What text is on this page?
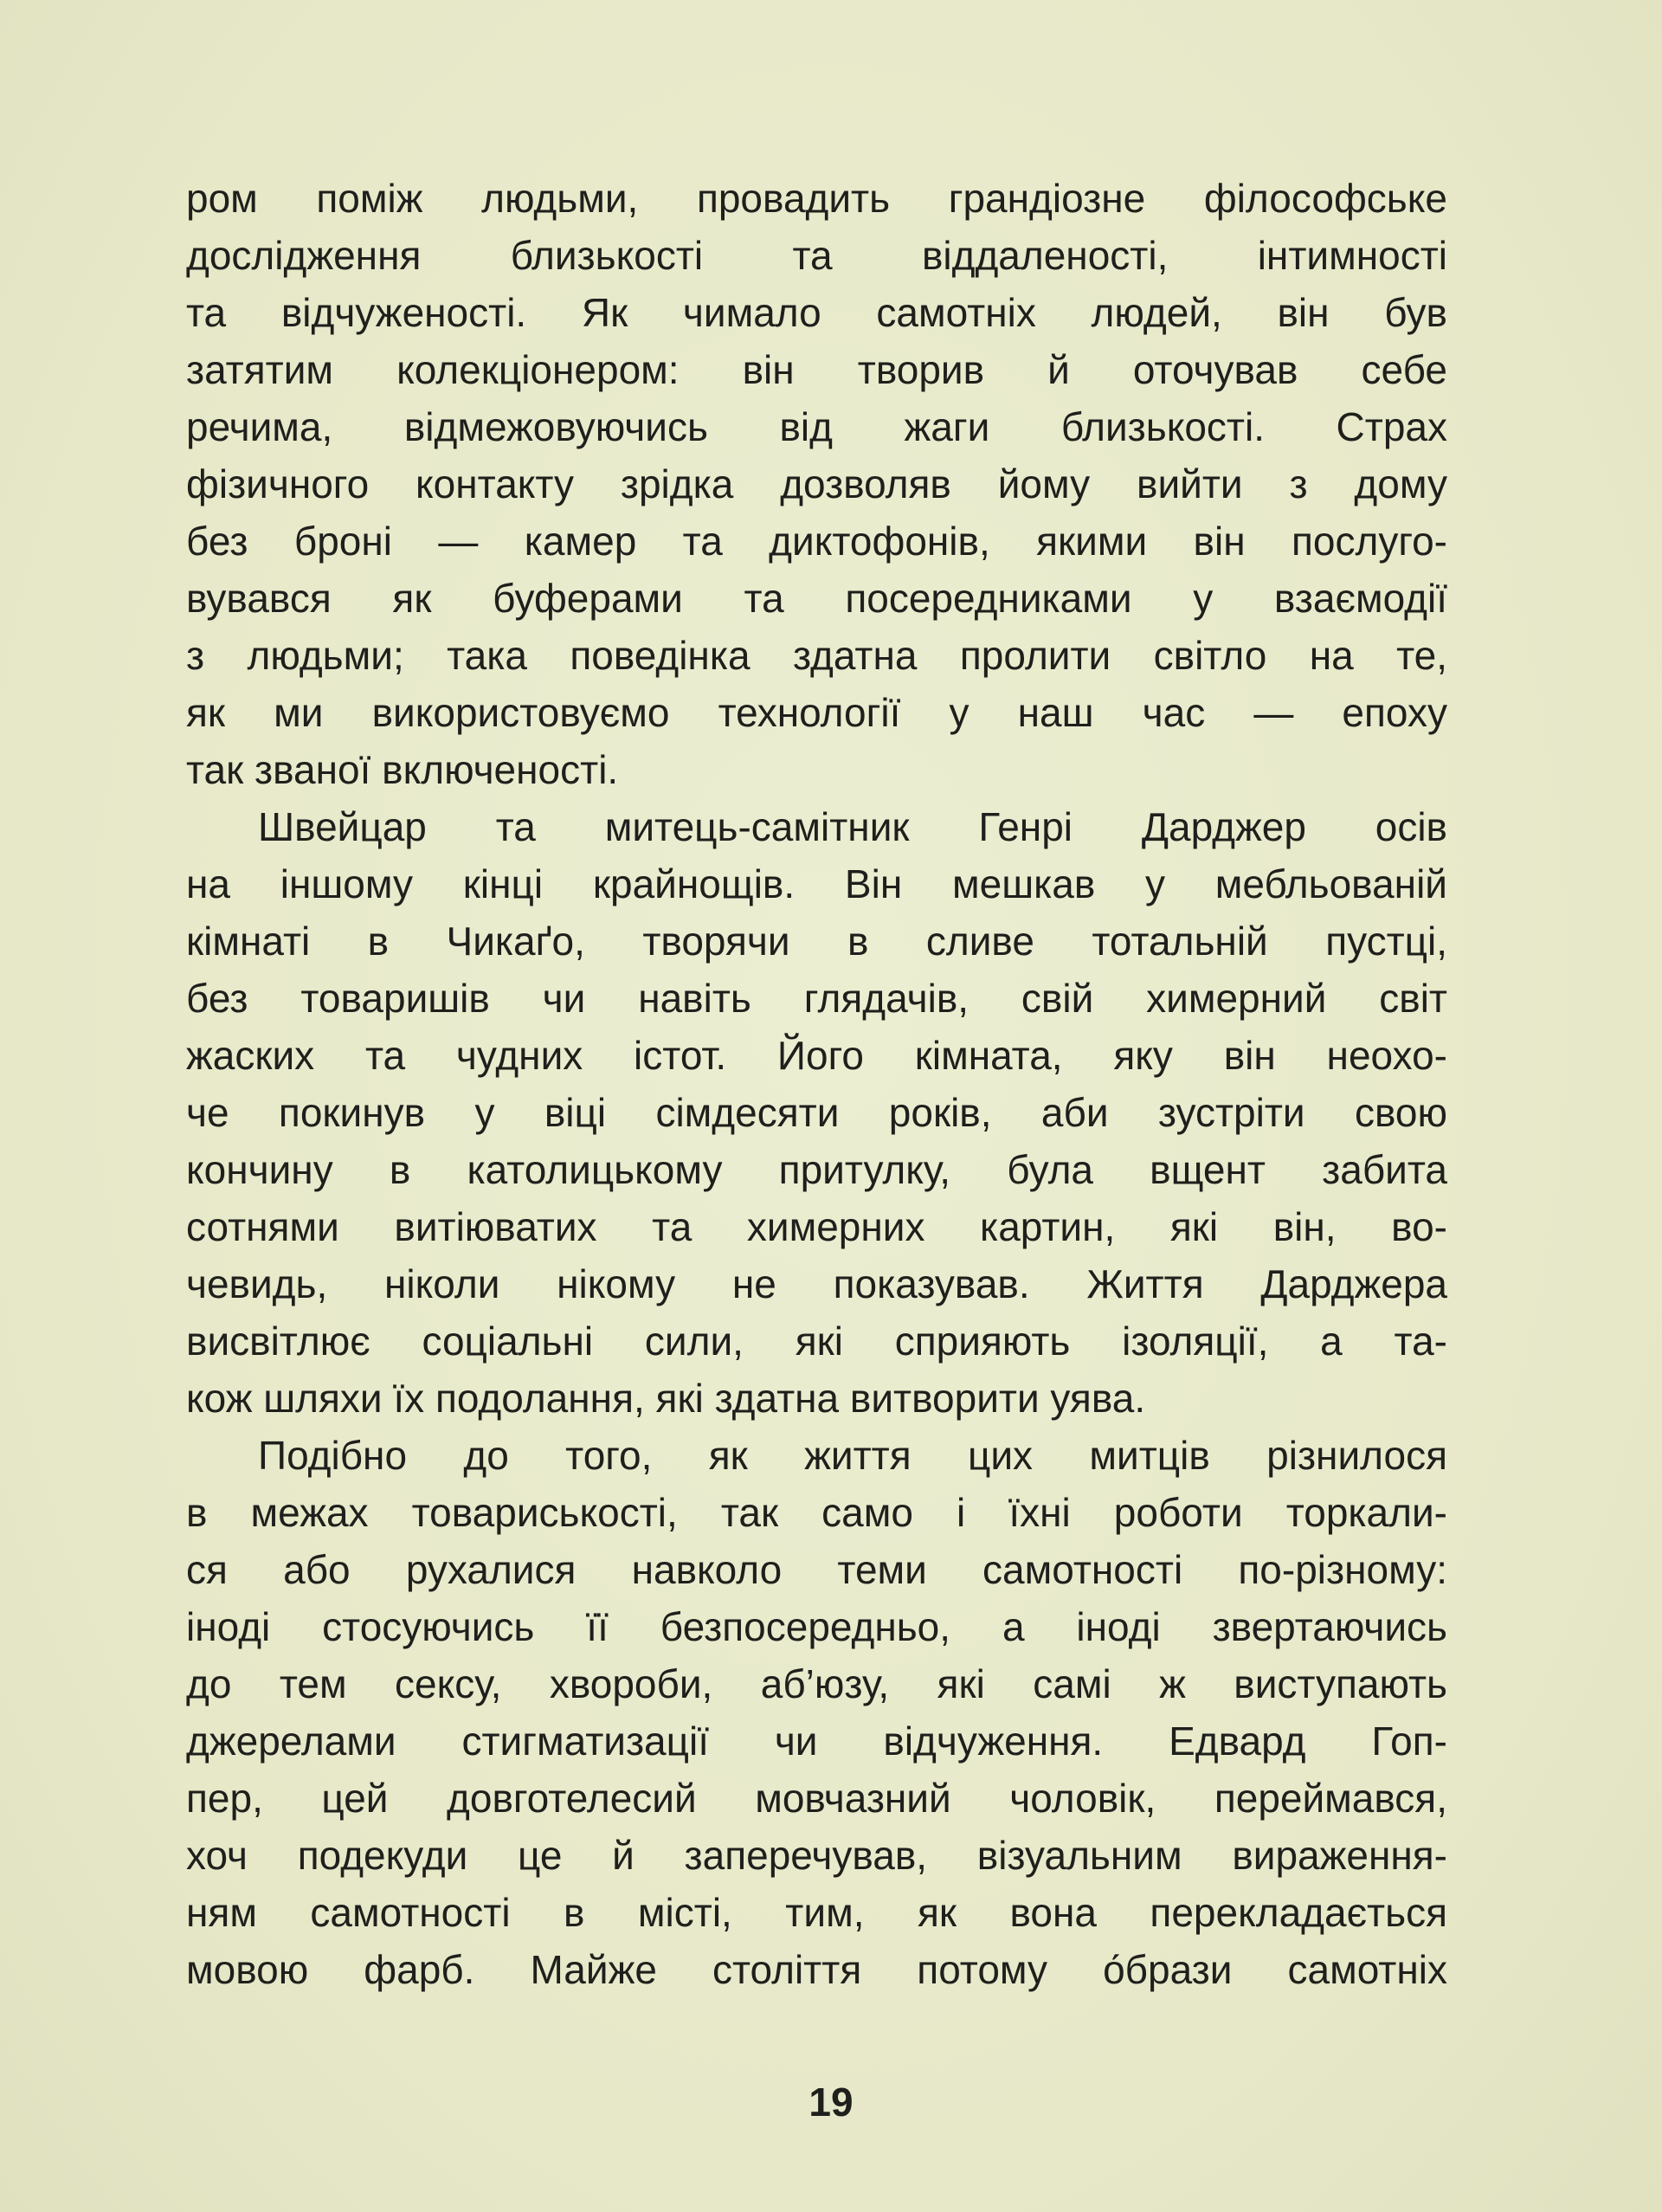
ром поміж людьми, провадить грандіозне філософське
дослідження близькості та віддаленості, інтимності
та відчуженості. Як чимало самотніх людей, він був
затятим колекціонером: він творив й оточував себе
речима, відмежовуючись від жаги близькості. Страх
фізичного контакту зрідка дозволяв йому вийти з дому
без броні — камер та диктофонів, якими він послуго-
вувався як буферами та посередниками у взаємодії
з людьми; така поведінка здатна пролити світло на те,
як ми використовуємо технології у наш час — епоху
так званої включеності.
Швейцар та митець-самітник Генрі Дарджер осів
на іншому кінці крайнощів. Він мешкав у мебльованій
кімнаті в Чикаґо, творячи в сливе тотальній пустці,
без товаришів чи навіть глядачів, свій химерний світ
жаских та чудних істот. Його кімната, яку він неохо-
че покинув у віці сімдесяти років, аби зустріти свою
кончину в католицькому притулку, була вщент забита
сотнями витіюватих та химерних картин, які він, во-
чевидь, ніколи нікому не показував. Життя Дарджера
висвітлює соціальні сили, які сприяють ізоляції, а та-
кож шляхи їх подолання, які здатна витворити уява.
Подібно до того, як життя цих митців різнилося
в межах товариськості, так само і їхні роботи торкали-
ся або рухалися навколо теми самотності по-різному:
іноді стосуючись її безпосередньо, а іноді звертаючись
до тем сексу, хвороби, аб’юзу, які самі ж виступають
джерелами стигматизації чи відчуження. Едвард Гоп-
пер, цей довготелесий мовчазний чоловік, переймався,
хоч подекуди це й заперечував, візуальним вираження-
ням самотності в місті, тим, як вона перекладається
мовою фарб. Майже століття потому о́брази самотніх
19
